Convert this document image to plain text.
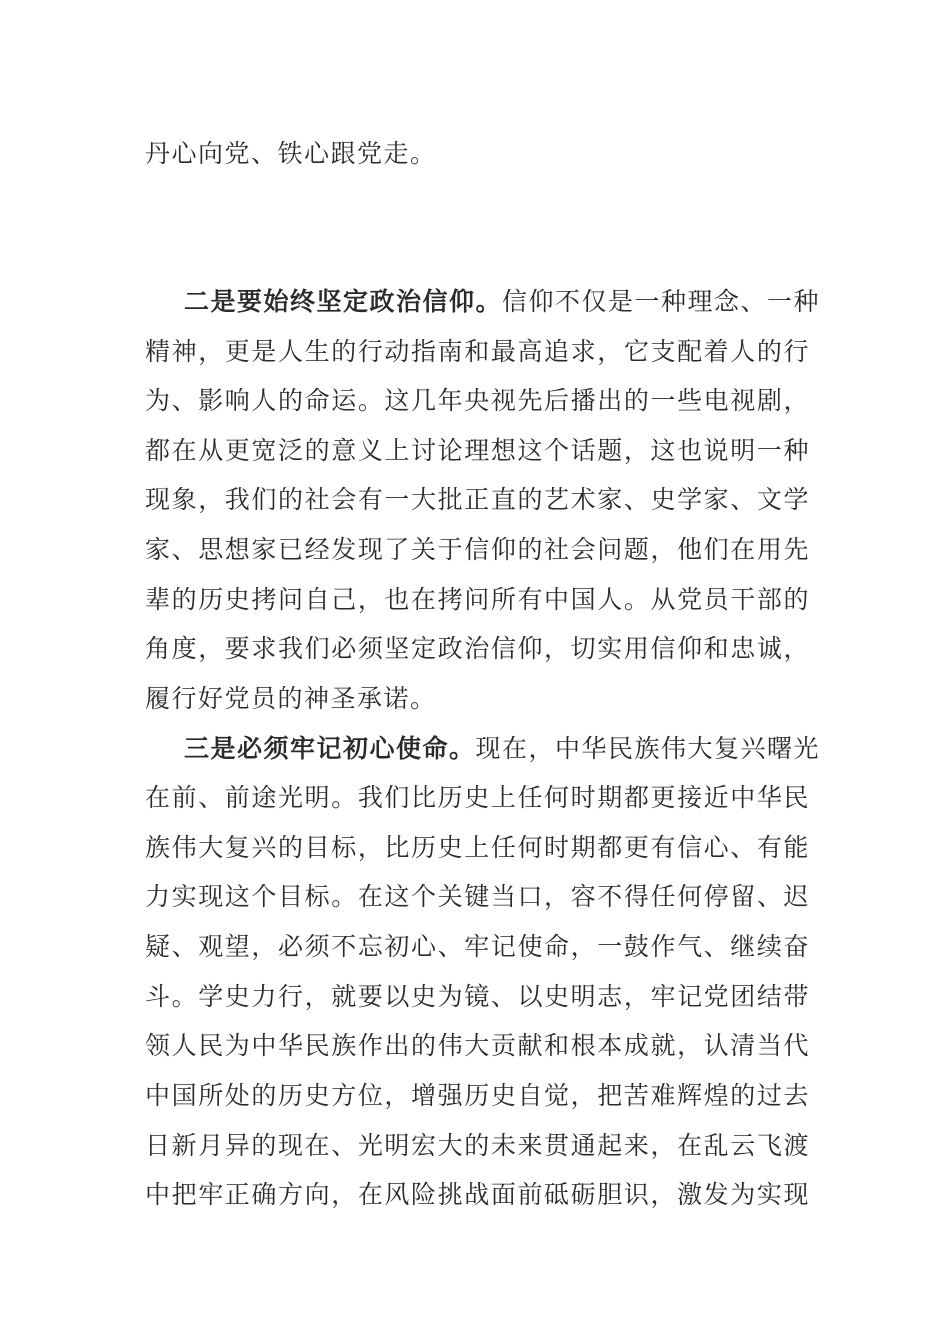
丹心向党、铁心跟党走。
二是要始终坚定政治信仰。信仰不仅是一种理念、一种
精神，更是人生的行动指南和最高追求，它支配着人的行
为、影响人的命运。这几年央视先后播出的一些电视剧，
都在从更宽泛的意义上讨论理想这个话题，这也说明一种
现象，我们的社会有一大批正直的艺术家、史学家、文学
家、思想家已经发现了关于信仰的社会问题，他们在用先
辈的历史拷问自己，也在拷问所有中国人。从党员干部的
角度，要求我们必须坚定政治信仰，切实用信仰和忠诚，
履行好党员的神圣承诺。
三是必须牢记初心使命。现在，中华民族伟大复兴曙光
在前、前途光明。我们比历史上任何时期都更接近中华民
族伟大复兴的目标，比历史上任何时期都更有信心、有能
力实现这个目标。在这个关键当口，容不得任何停留、迟
疑、观望，必须不忘初心、牢记使命，一鼓作气、继续奋
斗。学史力行，就要以史为镜、以史明志，牢记党团结带
领人民为中华民族作出的伟大贡献和根本成就，认清当代
中国所处的历史方位，增强历史自觉，把苦难辉煌的过去
日新月异的现在、光明宏大的未来贯通起来，在乱云飞渡
中把牢正确方向，在风险挑战面前砥砺胆识，激发为实现
